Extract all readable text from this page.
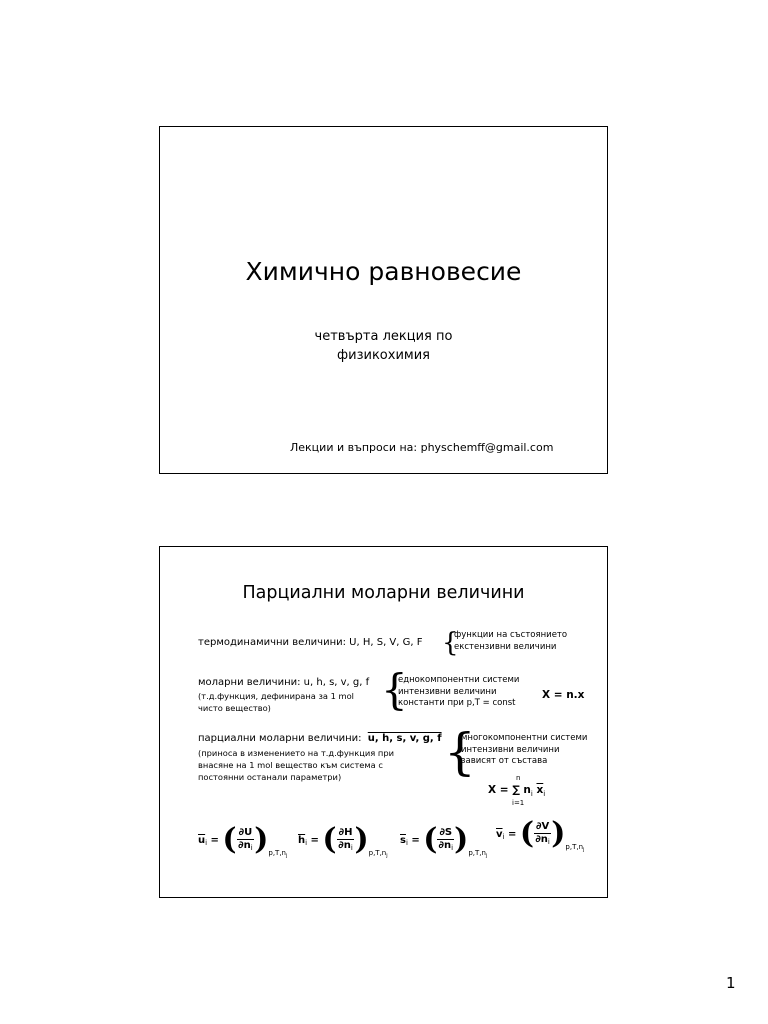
Химично равновесие
четвърта лекция по
физикохимия
Лекции и въпроси на: physchemff@gmail.com
Парциални моларни величини
термодинамични величини: U, H, S, V, G, F {
функции на състоянието
екстензивни величини
моларни величини: u, h, s, v, g, f
(т.д.функция, дефинирана за 1 mol
чисто вещество)	{
еднокомпонентни системи
интензивни величини
константи при p,T = const
X = n.x
парциални моларни величини: u, h, s, v, g, f
(приноса в изменението на т.д.функция при
внасяне на 1 mol вещество към система с
постоянни останали параметри)	{
многокомпонентни системи
интензивни величини
зависят от състава
n
X = ∑ $n_i$ $\overline{x}_i$
i=1
$\overline{u}_i$ = ( $\frac{\partial U}{\partial n_i} )_{p,T,n_j}$
$\overline{h}_i$ = ( $\frac{\partial H}{\partial n_i} )_{p,T,n_j}$
$\overline{s}_i$ = ( $\frac{\partial S}{\partial n_i} )_{p,T,n_j}$
$\overline{v}_i$ = ( $\frac{\partial V}{\partial n_i} )_{p,T,n_j}$
1
